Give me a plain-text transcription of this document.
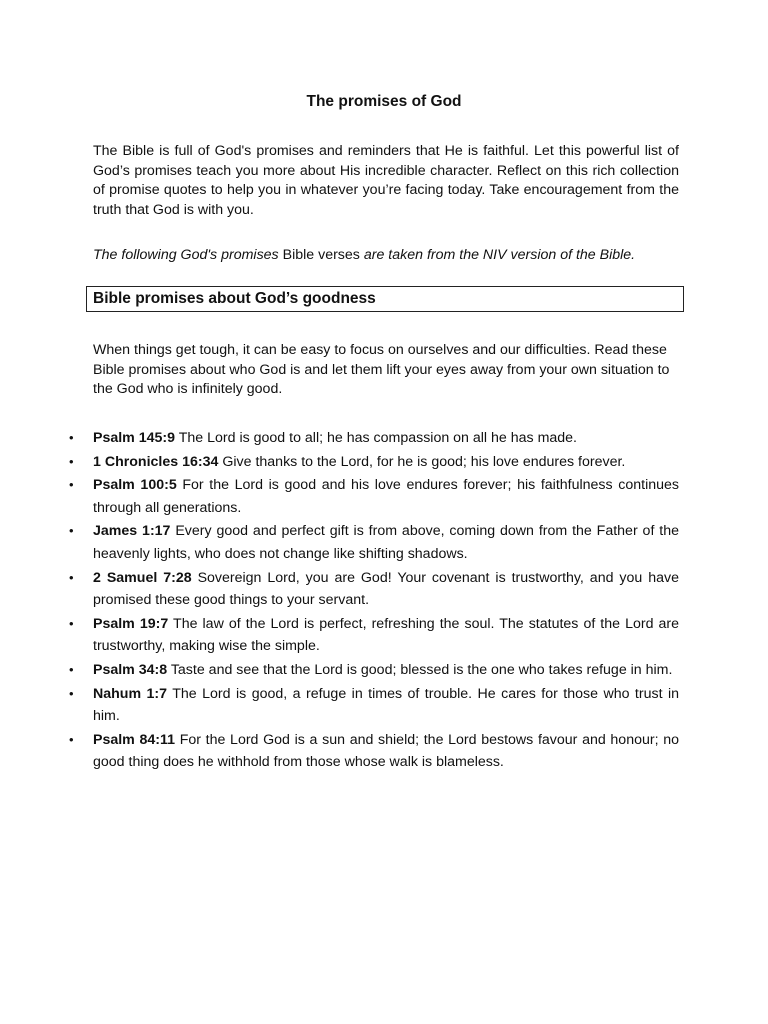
The promises of God
The Bible is full of God's promises and reminders that He is faithful. Let this powerful list of God’s promises teach you more about His incredible character. Reflect on this rich collection of promise quotes to help you in whatever you’re facing today. Take encouragement from the truth that God is with you.
The following God's promises Bible verses are taken from the NIV version of the Bible.
Bible promises about God’s goodness
When things get tough, it can be easy to focus on ourselves and our difficulties. Read these Bible promises about who God is and let them lift your eyes away from your own situation to the God who is infinitely good.
• Psalm 145:9 The Lord is good to all; he has compassion on all he has made.
• 1 Chronicles 16:34 Give thanks to the Lord, for he is good; his love endures forever.
• Psalm 100:5 For the Lord is good and his love endures forever; his faithfulness continues through all generations.
• James 1:17 Every good and perfect gift is from above, coming down from the Father of the heavenly lights, who does not change like shifting shadows.
• 2 Samuel 7:28 Sovereign Lord, you are God! Your covenant is trustworthy, and you have promised these good things to your servant.
• Psalm 19:7 The law of the Lord is perfect, refreshing the soul. The statutes of the Lord are trustworthy, making wise the simple.
• Psalm 34:8 Taste and see that the Lord is good; blessed is the one who takes refuge in him.
• Nahum 1:7 The Lord is good, a refuge in times of trouble. He cares for those who trust in him.
• Psalm 84:11 For the Lord God is a sun and shield; the Lord bestows favour and honour; no good thing does he withhold from those whose walk is blameless.
